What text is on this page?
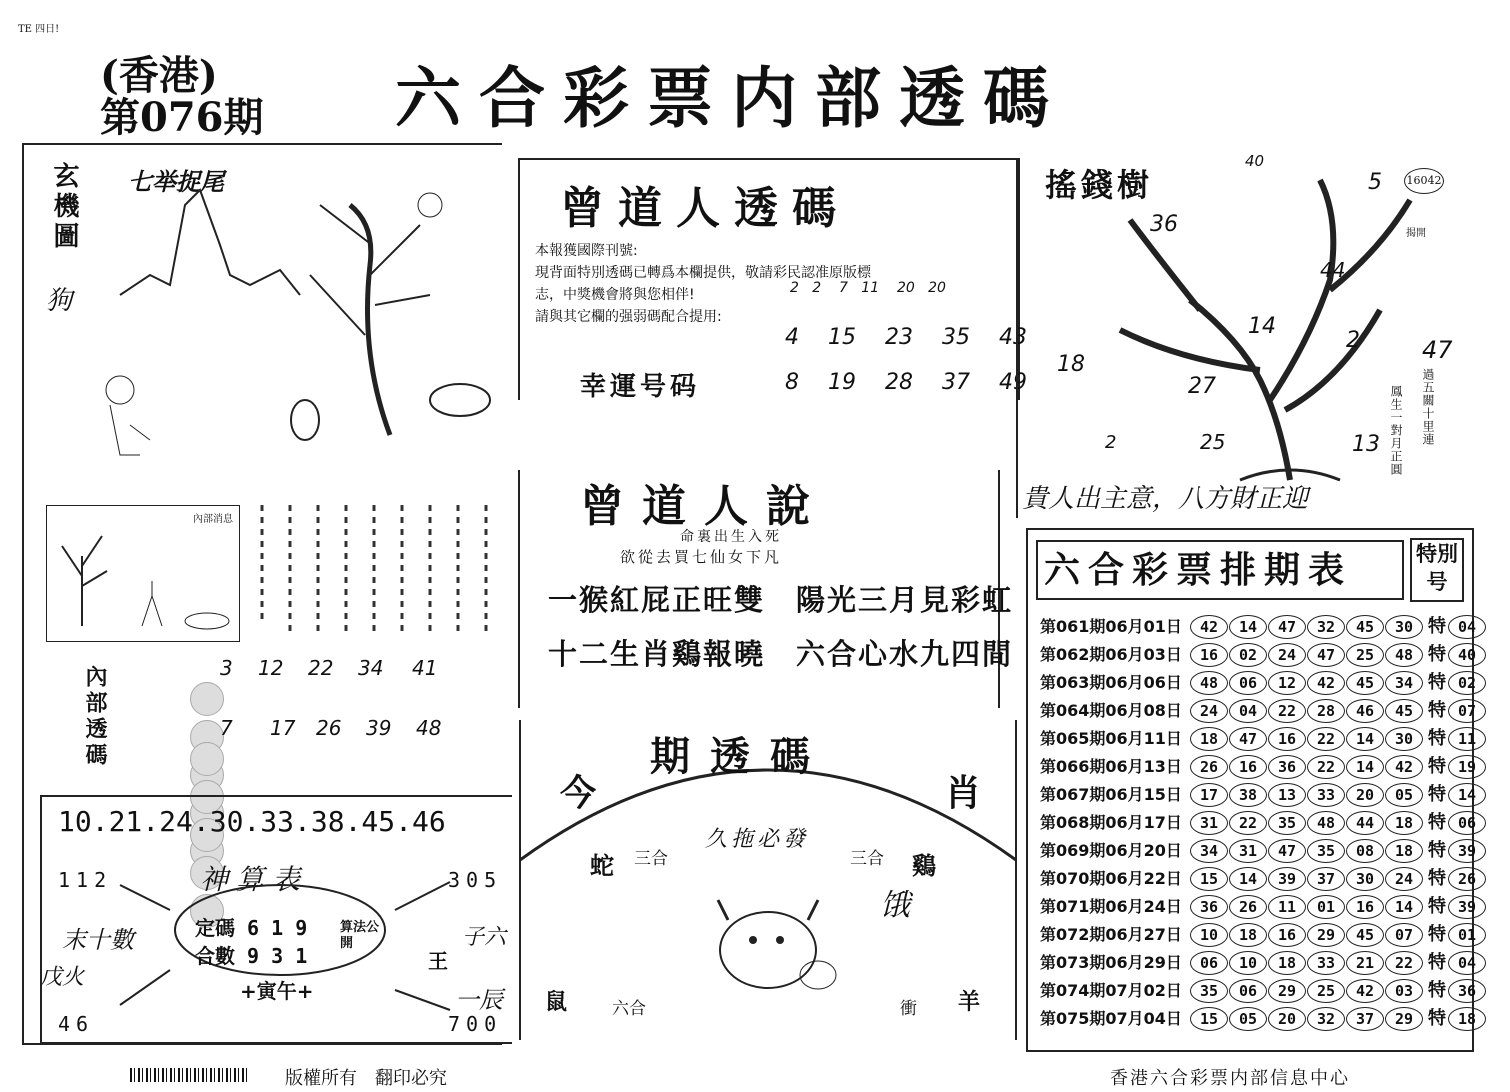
TE 四日!
(香港)
第076期	六合彩票内部透碼
玄機圖
狗
七举捉尾
內部消息
內部透碼	3 12 22 34 41
7 17 26 39 48
10.21.24.30.33.38.45.46
112	305
46	700
神算表
末十數
戊火
子六
一辰
王
定碼 6 1 9
合數 9 3 1
算法公開
+寅午+
曾道人透碼
本報獲國際刊號:
現背面特別透碼已轉爲本欄提供，敬請彩民認准原版標
志，中獎機會將與您相伴!
請與其它欄的强弱碼配合提用:
2 2 7 11 20 20
4 15 23 35 43
幸運号码	8 19 28 37 49
曾道人說
命裏出生入死
欲從去買七仙女下凡
一猴紅屁正旺雙　陽光三月見彩虹
十二生肖鷄報曉　六合心水九四間
今
期透碼
肖
久拖必發
蛇 三合	三合 鷄
饿
鼠	六合	衝 羊
搖錢樹	16042
揭開
40
5
36
44
14
18
2	47
27
25	13
2	過五關十里連
鳳生一對月正圓
貴人出主意，八方財正迎
六合彩票排期表	特別号
第061期06月01日 42 14 47 32 45 30 特 04
第062期06月03日 16 02 24 47 25 48 特 40
第063期06月06日 48 06 12 42 45 34 特 02
第064期06月08日 24 04 22 28 46 45 特 07
第065期06月11日 18 47 16 22 14 30 特 11
第066期06月13日 26 16 36 22 14 42 特 19
第067期06月15日 17 38 13 33 20 05 特 14
第068期06月17日 31 22 35 48 44 18 特 06
第069期06月20日 34 31 47 35 08 18 特 39
第070期06月22日 15 14 39 37 30 24 特 26
第071期06月24日 36 26 11 01 16 14 特 39
第072期06月27日 10 18 16 29 45 07 特 01
第073期06月29日 06 10 18 33 21 22 特 04
第074期07月02日 35 06 29 25 42 03 特 36
第075期07月04日 15 05 20 32 37 29 特 18
版權所有　翻印必究	香港六合彩票内部信息中心
